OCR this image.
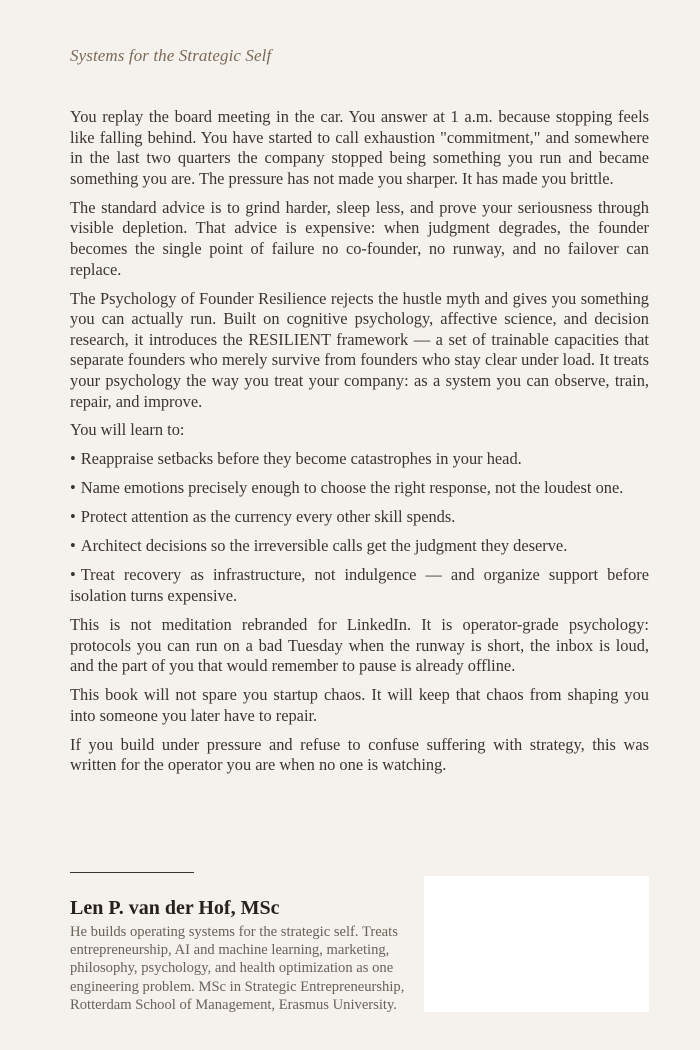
Systems for the Strategic Self

You replay the board meeting in the car. You answer at 1 a.m. because stopping feels like falling behind. You have started to call exhaustion "commitment," and somewhere in the last two quarters the company stopped being something you run and became something you are. The pressure has not made you sharper. It has made you brittle.

The standard advice is to grind harder, sleep less, and prove your seriousness through visible depletion. That advice is expensive: when judgment degrades, the founder becomes the single point of failure no co-founder, no runway, and no failover can replace.

The Psychology of Founder Resilience rejects the hustle myth and gives you something you can actually run. Built on cognitive psychology, affective science, and decision research, it introduces the RESILIENT framework — a set of trainable capacities that separate founders who merely survive from founders who stay clear under load. It treats your psychology the way you treat your company: as a system you can observe, train, repair, and improve.

You will learn to:

• Reappraise setbacks before they become catastrophes in your head.

• Name emotions precisely enough to choose the right response, not the loudest one.

• Protect attention as the currency every other skill spends.

• Architect decisions so the irreversible calls get the judgment they deserve.

• Treat recovery as infrastructure, not indulgence — and organize support before isolation turns expensive.

This is not meditation rebranded for LinkedIn. It is operator-grade psychology: protocols you can run on a bad Tuesday when the runway is short, the inbox is loud, and the part of you that would remember to pause is already offline.

This book will not spare you startup chaos. It will keep that chaos from shaping you into someone you later have to repair.

If you build under pressure and refuse to confuse suffering with strategy, this was written for the operator you are when no one is watching.

Len P. van der Hof, MSc
He builds operating systems for the strategic self. Treats entrepreneurship, AI and machine learning, marketing, philosophy, psychology, and health optimization as one engineering problem. MSc in Strategic Entrepreneurship, Rotterdam School of Management, Erasmus University.
